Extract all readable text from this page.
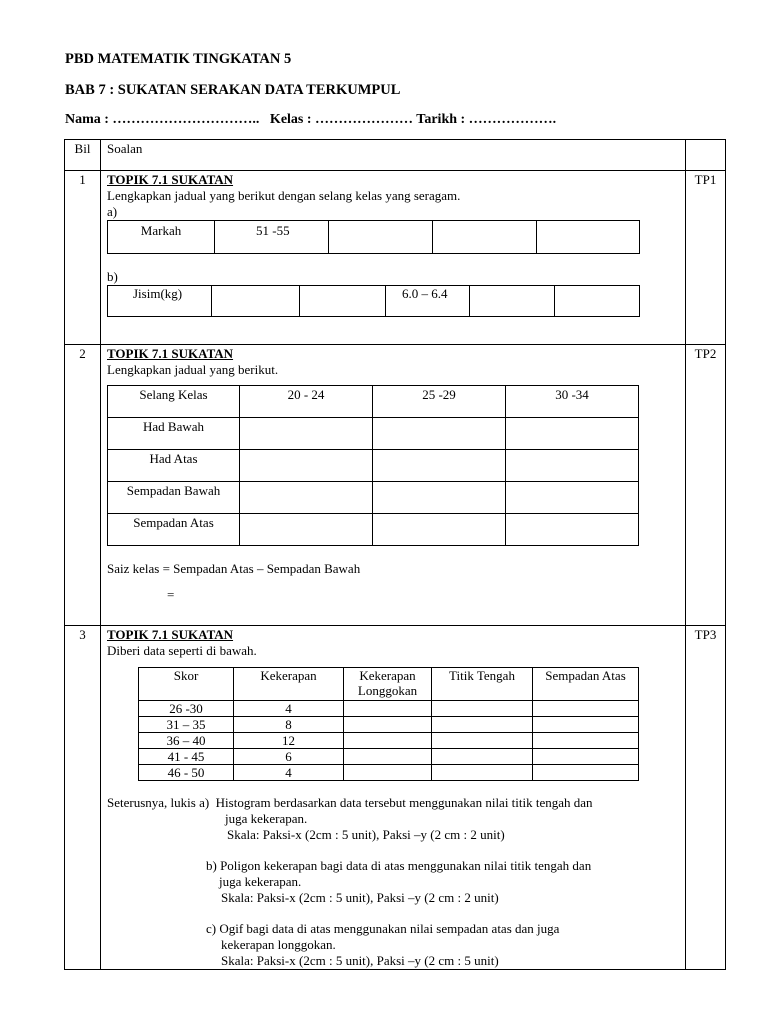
PBD MATEMATIK TINGKATAN 5
BAB 7 : SUKATAN SERAKAN DATA TERKUMPUL
Nama : …………………………..   Kelas : ………………… Tarikh : ……………….
Bil	Soalan	
1	TOPIK 7.1 SUKATAN
Lengkapkan jadual yang berikut dengan selang kelas yang seragam.
a)
Markah	51 -55			
b)
Jisim(kg)			6.0 – 6.4		
	TP1
2	TOPIK 7.1 SUKATAN
Lengkapkan jadual yang berikut.
Selang Kelas	20 - 24	25 -29	30 -34
Had Bawah			
Had Atas			
Sempadan Bawah			
Sempadan Atas			
Saiz kelas = Sempadan Atas – Sempadan Bawah
=
	TP2
3	TOPIK 7.1 SUKATAN
Diberi data seperti di bawah.
Skor	Kekerapan	Kekerapan Longgokan	Titik Tengah	Sempadan Atas
26 -30	4			
31 – 35	8			
36 – 40	12			
41 - 45	6			
46 - 50	4			
Seterusnya, lukis a) Histogram berdasarkan data tersebut menggunakan nilai titik tengah dan
juga kekerapan.
Skala: Paksi-x (2cm : 5 unit), Paksi –y (2 cm : 2 unit)
b) Poligon kekerapan bagi data di atas menggunakan nilai titik tengah dan
juga kekerapan.
Skala: Paksi-x (2cm : 5 unit), Paksi –y (2 cm : 2 unit)
c) Ogif bagi data di atas menggunakan nilai sempadan atas dan juga
kekerapan longgokan.
Skala: Paksi-x (2cm : 5 unit), Paksi –y (2 cm : 5 unit)
	TP3
